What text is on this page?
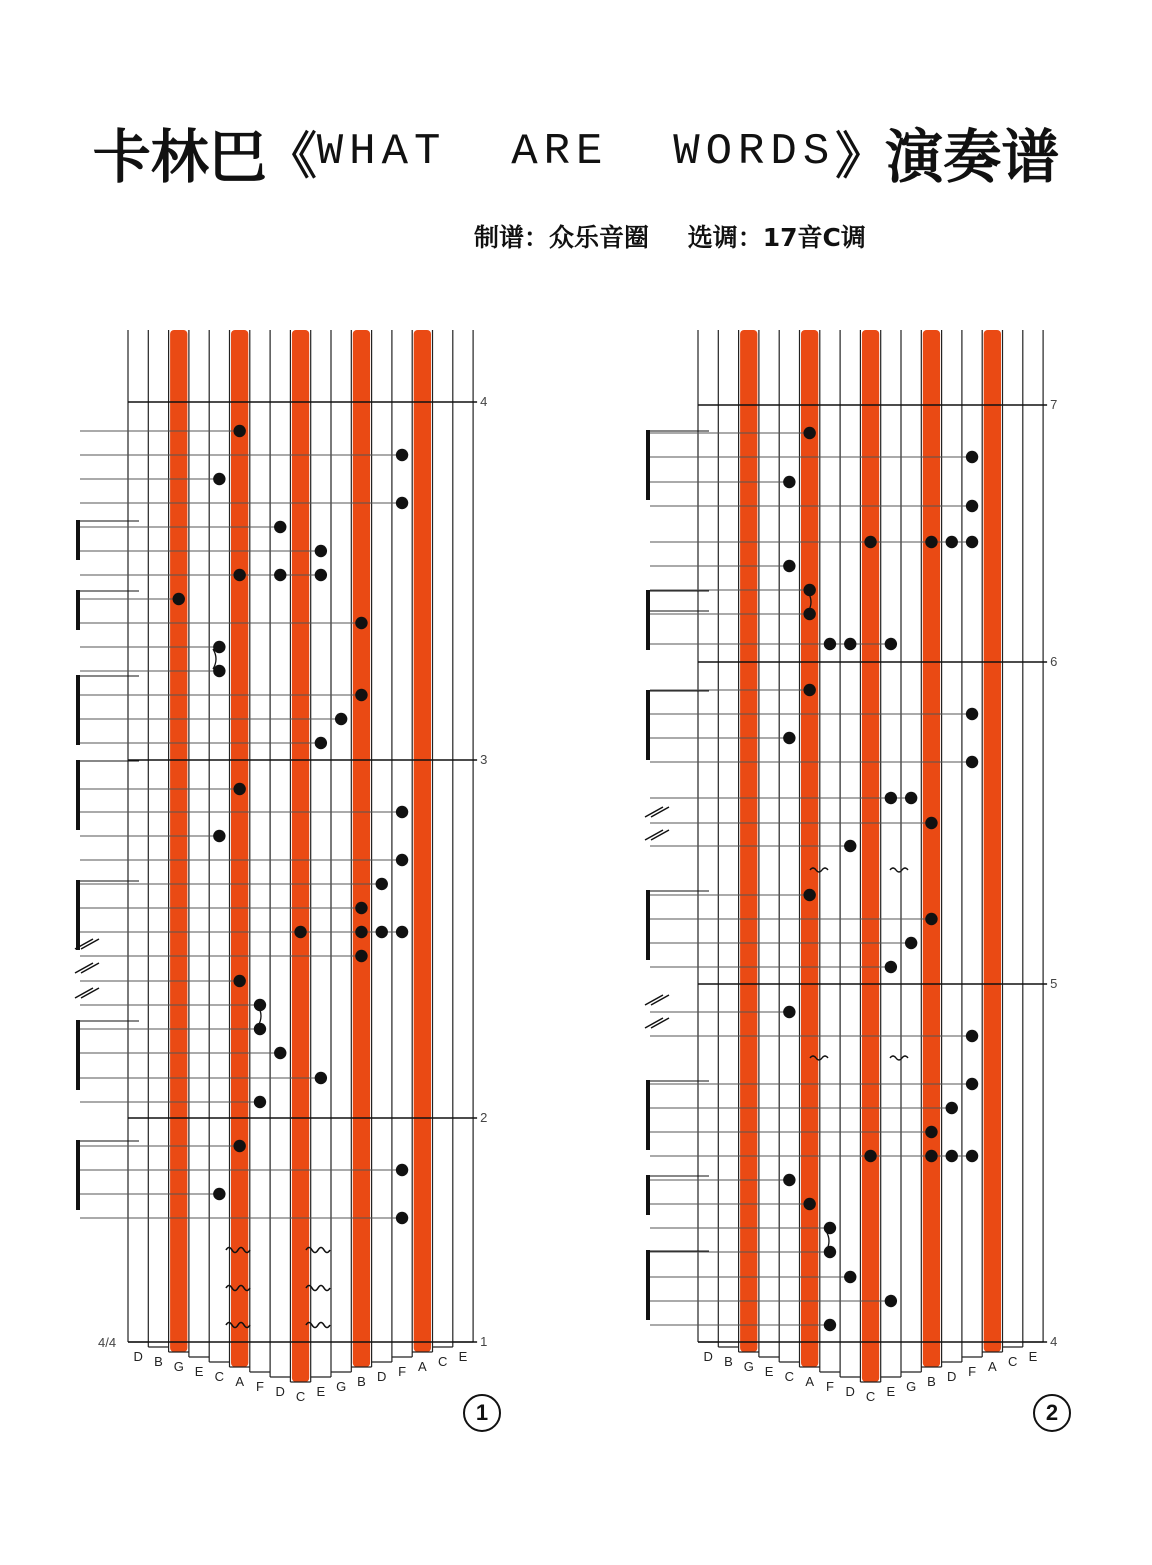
卡林巴《WHAT  ARE  WORDS》演奏谱
制谱：众乐音圈 选调：17音C调
4
3
2
1
D B G E C A F D C E G B D F A C E
4/4
7
6
5
4
D B G E C A F D C E G B D F A C E
1	2
